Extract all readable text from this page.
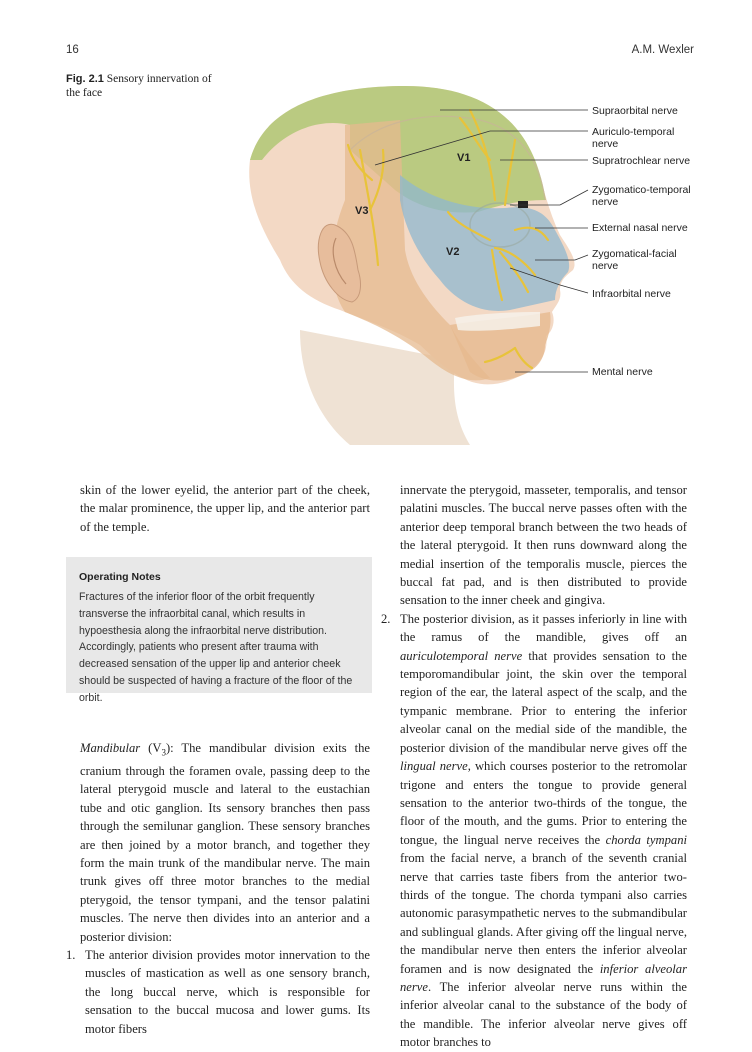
16	A.M. Wexler
Fig. 2.1 Sensory innervation of the face
V1
V2
V3
Supraorbital nerve
Auriculo-temporal
nerve
Supratrochlear nerve
Zygomatico-temporal
nerve
External nasal nerve
Zygomatical-facial
nerve
Infraorbital nerve
Mental nerve

skin of the lower eyelid, the anterior part of the cheek, the malar prominence, the upper lip, and the anterior part of the temple.

Operating Notes
Fractures of the inferior floor of the orbit frequently transverse the infraorbital canal, which results in hypoesthesia along the infraorbital nerve distribution. Accordingly, patients who present after trauma with decreased sensation of the upper lip and anterior cheek should be suspected of having a fracture of the floor of the orbit.

Mandibular $(V_3)$: The mandibular division exits the cranium through the foramen ovale, passing deep to the lateral pterygoid muscle and lateral to the eustachian tube and otic ganglion. Its sensory branches then pass through the semilunar ganglion. These sensory branches are then joined by a motor branch, and together they form the main trunk of the mandibular nerve. The main trunk gives off three motor branches to the medial pterygoid, the tensor tympani, and the tensor palatini muscles. The nerve then divides into an anterior and a posterior division:

1. The anterior division provides motor innervation to the muscles of mastication as well as one sensory branch, the long buccal nerve, which is responsible for sensation to the buccal mucosa and lower gums. Its motor fibers
innervate the pterygoid, masseter, temporalis, and tensor palatini muscles. The buccal nerve passes often with the anterior deep temporal branch between the two heads of the lateral pterygoid. It then runs downward along the medial insertion of the temporalis muscle, pierces the buccal fat pad, and is then distributed to provide sensation to the inner cheek and gingiva.
2. The posterior division, as it passes inferiorly in line with the ramus of the mandible, gives off an auriculotemporal nerve that provides sensation to the temporomandibular joint, the skin over the temporal region of the ear, the lateral aspect of the scalp, and the tympanic membrane. Prior to entering the inferior alveolar canal on the medial side of the mandible, the posterior division of the mandibular nerve gives off the lingual nerve, which courses posterior to the retromolar trigone and enters the tongue to provide general sensation to the anterior two-thirds of the tongue, the floor of the mouth, and the gums. Prior to entering the tongue, the lingual nerve receives the chorda tympani from the facial nerve, a branch of the seventh cranial nerve that carries taste fibers from the anterior two-thirds of the tongue. The chorda tympani also carries autonomic parasympathetic nerves to the submandibular and sublingual glands. After giving off the lingual nerve, the mandibular nerve then enters the inferior alveolar foramen and is now designated the inferior alveolar nerve. The inferior alveolar nerve runs within the inferior alveolar canal to the substance of the body of the mandible. The inferior alveolar nerve gives off motor branches to
